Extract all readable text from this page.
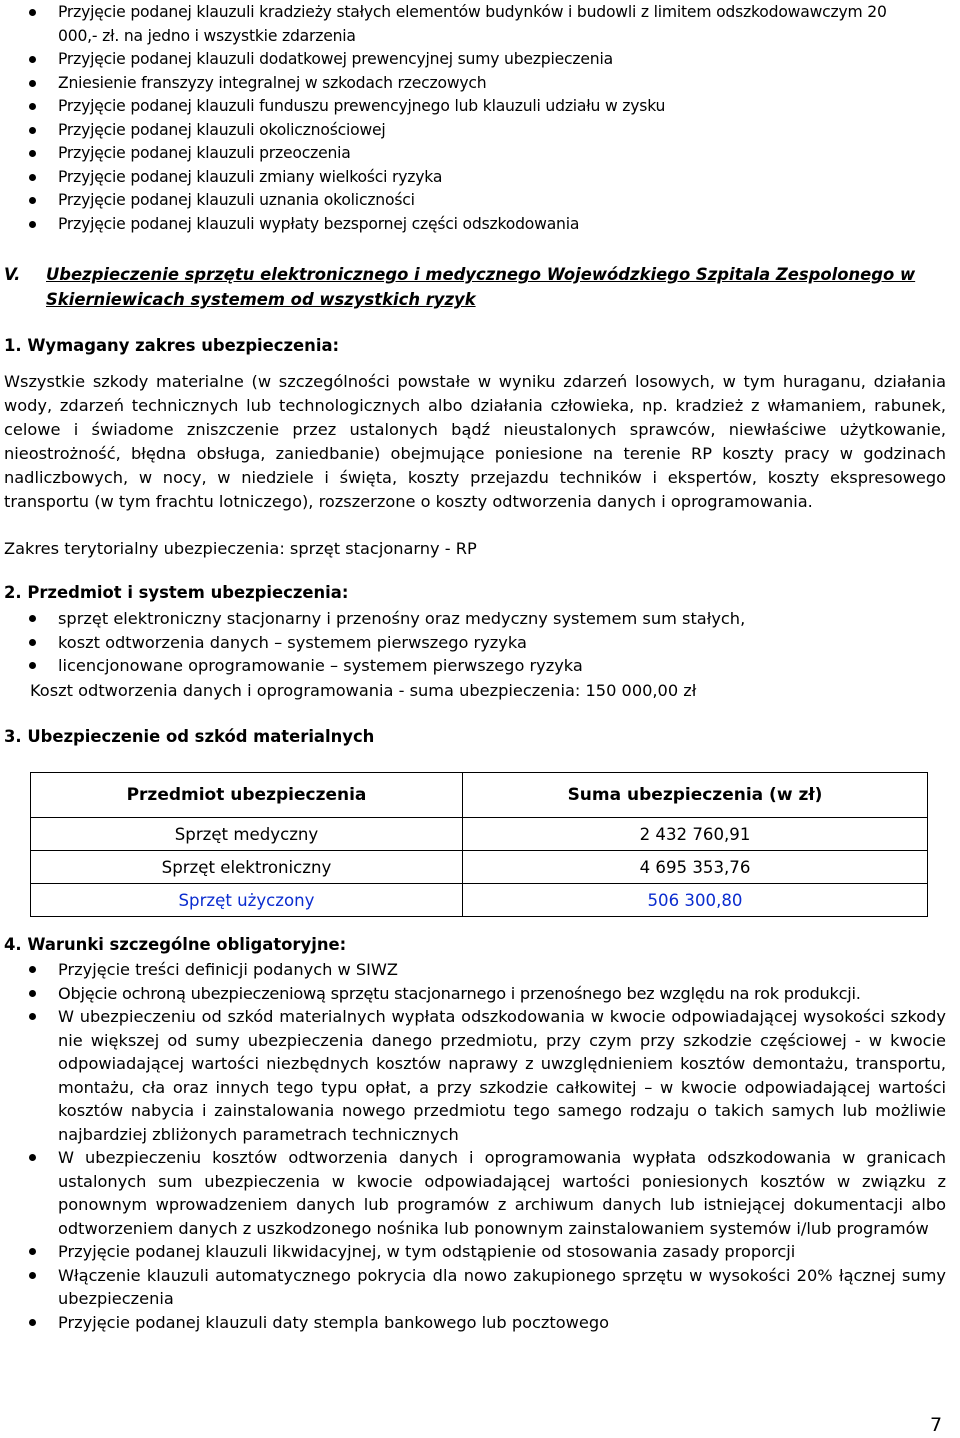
Przyjęcie podanej klauzuli kradzieży stałych elementów budynków i budowli z limitem odszkodowawczym 20 000,- zł. na jedno i wszystkie zdarzenia
Przyjęcie podanej klauzuli dodatkowej prewencyjnej sumy ubezpieczenia
Zniesienie franszyzy integralnej w szkodach rzeczowych
Przyjęcie podanej klauzuli funduszu prewencyjnego lub klauzuli udziału w zysku
Przyjęcie podanej klauzuli okolicznościowej
Przyjęcie podanej klauzuli przeoczenia
Przyjęcie podanej klauzuli zmiany wielkości ryzyka
Przyjęcie podanej klauzuli uznania okoliczności
Przyjęcie podanej klauzuli wypłaty bezspornej części odszkodowania
V. Ubezpieczenie sprzętu elektronicznego i medycznego Wojewódzkiego Szpitala Zespolonego w Skierniewicach systemem od wszystkich ryzyk
1. Wymagany zakres ubezpieczenia:
Wszystkie szkody materialne (w szczególności powstałe w wyniku zdarzeń losowych, w tym huraganu, działania wody, zdarzeń technicznych lub technologicznych albo działania człowieka, np. kradzież z włamaniem, rabunek, celowe i świadome zniszczenie przez ustalonych bądź nieustalonych sprawców, niewłaściwe użytkowanie, nieostrożność, błędna obsługa, zaniedbanie) obejmujące poniesione na terenie RP koszty pracy w godzinach nadliczbowych, w nocy, w niedziele i święta, koszty przejazdu techników i ekspertów, koszty ekspresowego transportu (w tym frachtu lotniczego), rozszerzone o koszty odtworzenia danych i oprogramowania.
Zakres terytorialny ubezpieczenia: sprzęt stacjonarny - RP
2. Przedmiot i system ubezpieczenia:
sprzęt elektroniczny stacjonarny i przenośny oraz medyczny systemem sum stałych,
koszt odtworzenia danych – systemem pierwszego ryzyka
licencjonowane oprogramowanie – systemem pierwszego ryzyka
Koszt odtworzenia danych i oprogramowania - suma ubezpieczenia: 150 000,00 zł
3. Ubezpieczenie od szkód materialnych
Przedmiot ubezpieczenia	Suma ubezpieczenia (w zł)
Sprzęt medyczny	2 432 760,91
Sprzęt elektroniczny	4 695 353,76
Sprzęt użyczony	506 300,80
4. Warunki szczególne obligatoryjne:
Przyjęcie treści definicji podanych w SIWZ
Objęcie ochroną ubezpieczeniową sprzętu stacjonarnego i przenośnego bez względu na rok produkcji.
W ubezpieczeniu od szkód materialnych wypłata odszkodowania w kwocie odpowiadającej wysokości szkody nie większej od sumy ubezpieczenia danego przedmiotu, przy czym przy szkodzie częściowej - w kwocie odpowiadającej wartości niezbędnych kosztów naprawy z uwzględnieniem kosztów demontażu, transportu, montażu, cła oraz innych tego typu opłat, a przy szkodzie całkowitej – w kwocie odpowiadającej wartości kosztów nabycia i zainstalowania nowego przedmiotu tego samego rodzaju o takich samych lub możliwie najbardziej zbliżonych parametrach technicznych
W ubezpieczeniu kosztów odtworzenia danych i oprogramowania wypłata odszkodowania w granicach ustalonych sum ubezpieczenia w kwocie odpowiadającej wartości poniesionych kosztów w związku z ponownym wprowadzeniem danych lub programów z archiwum danych lub istniejącej dokumentacji albo odtworzeniem danych z uszkodzonego nośnika lub ponownym zainstalowaniem systemów i/lub programów
Przyjęcie podanej klauzuli likwidacyjnej, w tym odstąpienie od stosowania zasady proporcji
Włączenie klauzuli automatycznego pokrycia dla nowo zakupionego sprzętu w wysokości 20% łącznej sumy ubezpieczenia
Przyjęcie podanej klauzuli daty stempla bankowego lub pocztowego
7
